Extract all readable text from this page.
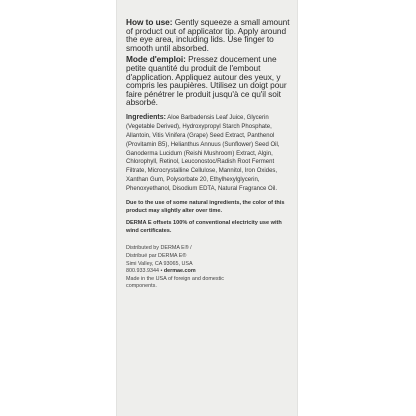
How to use: Gently squeeze a small amount of product out of applicator tip. Apply around the eye area, including lids. Use finger to smooth until absorbed.

Mode d'emploi: Pressez doucement une petite quantité du produit de l'embout d'application. Appliquez autour des yeux, y compris les paupières. Utilisez un doigt pour faire pénétrer le produit jusqu'à ce qu'il soit absorbé.

Ingredients: Aloe Barbadensis Leaf Juice, Glycerin (Vegetable Derived), Hydroxypropyl Starch Phosphate, Allantoin, Vitis Vinifera (Grape) Seed Extract, Panthenol (Provitamin B5), Helianthus Annuus (Sunflower) Seed Oil, Ganoderma Lucidum (Reishi Mushroom) Extract, Algin, Chlorophyll, Retinol, Leuconostoc/Radish Root Ferment Filtrate, Microcrystalline Cellulose, Mannitol, Iron Oxides, Xanthan Gum, Polysorbate 20, Ethylhexylglycerin, Phenoxyethanol, Disodium EDTA, Natural Fragrance Oil.
Due to the use of some natural ingredients, the color of this product may slightly alter over time.
DERMA E offsets 100% of conventional electricity use with wind certificates.
Distributed by DERMA E® /
Distribué par DERMA E®
Simi Valley, CA 93065, USA
800.933.9344 • dermae.com
Made in the USA of foreign and domestic
components.
